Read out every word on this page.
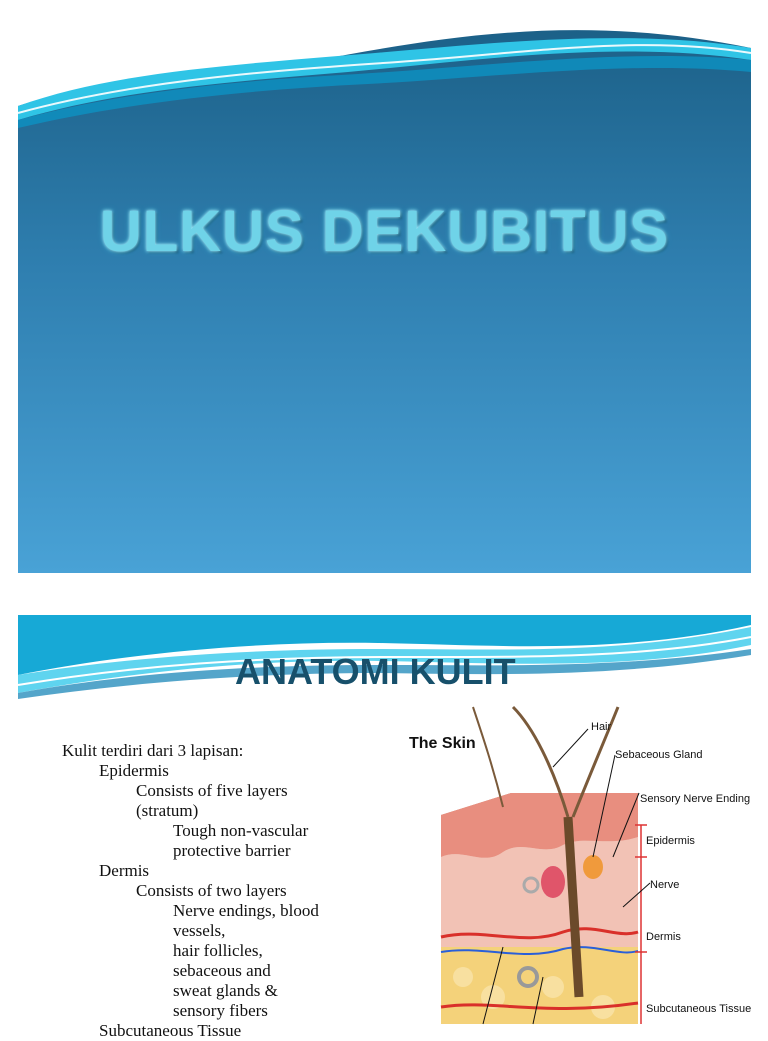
ULKUS DEKUBITUS
ANATOMI KULIT
Kulit terdiri dari 3 lapisan:
Epidermis
Consists of five layers
(stratum)
Tough non-vascular
protective barrier
Dermis
Consists of two layers
Nerve endings, blood
vessels,
hair follicles,
sebaceous and
sweat glands &
sensory fibers
Subcutaneous Tissue
The Skin
Hair
Sebaceous Gland
Sensory Nerve Ending
Epidermis
Nerve
Dermis
Subcutaneous Tissue
